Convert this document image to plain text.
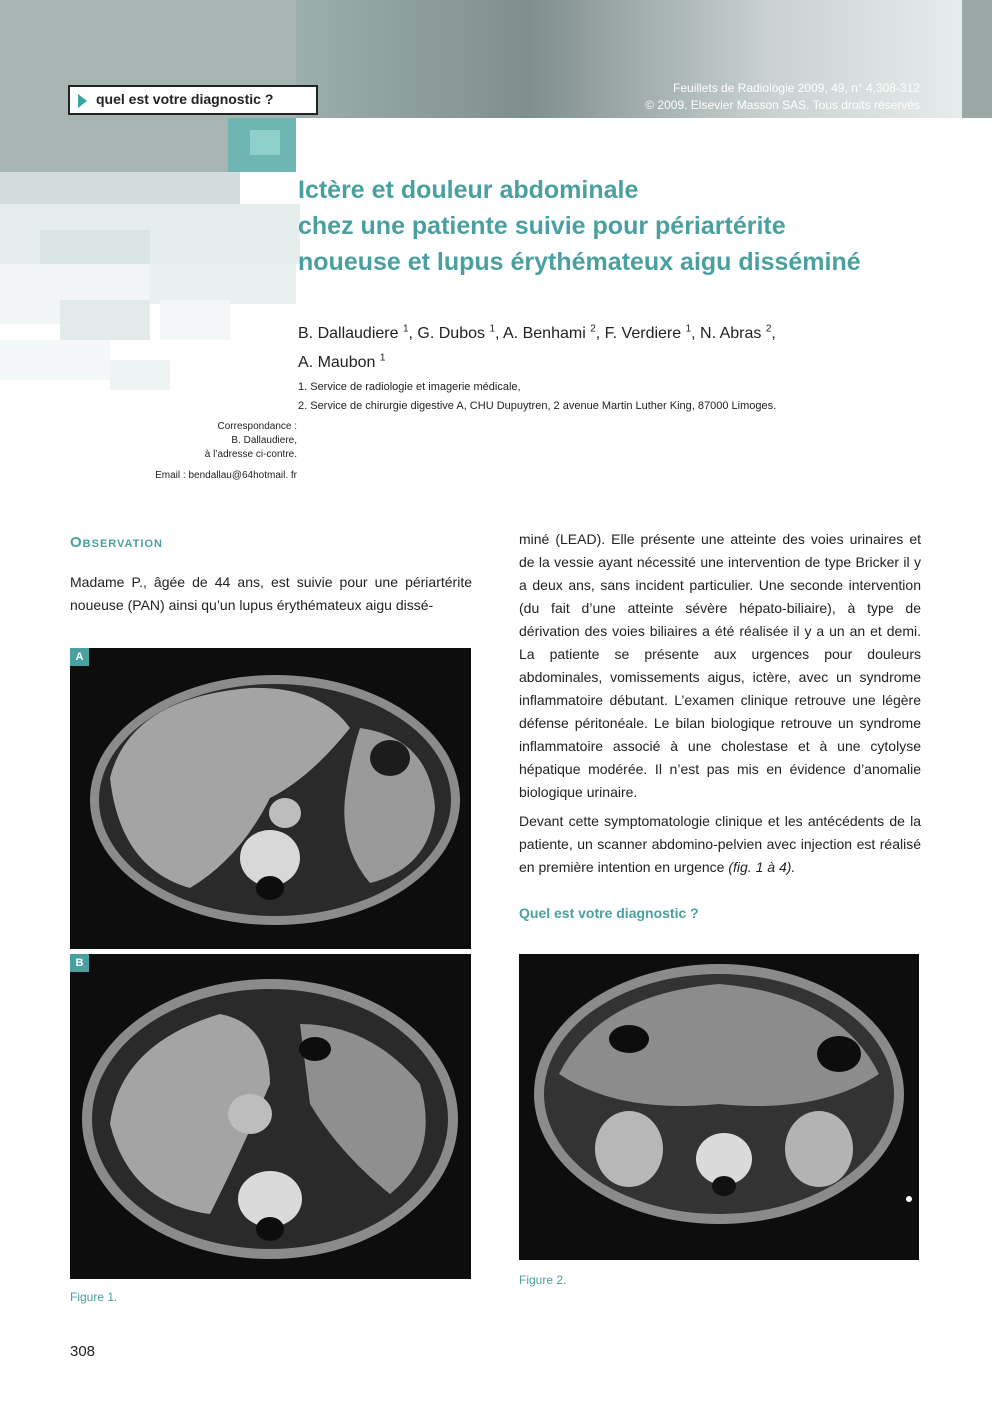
quel est votre diagnostic ?
Feuillets de Radiologie 2009, 49, n° 4,308-312
© 2009. Elsevier Masson SAS. Tous droits réservés
Ictère et douleur abdominale
chez une patiente suivie pour périartérite
noueuse et lupus érythémateux aigu disséminé
B. Dallaudiere $^1$, G. Dubos $^1$, A. Benhami $^2$, F. Verdiere $^1$, N. Abras $^2$,
A. Maubon $^1$
1. Service de radiologie et imagerie médicale,
2. Service de chirurgie digestive A, CHU Dupuytren, 2 avenue Martin Luther King, 87000 Limoges.
Correspondance :
B. Dallaudiere,
à l’adresse ci-contre.
Email : bendallau@64hotmail. fr
Observation
Madame P., âgée de 44 ans, est suivie pour une périartérite noueuse (PAN) ainsi qu’un lupus érythémateux aigu dissé-
miné (LEAD). Elle présente une atteinte des voies urinaires et de la vessie ayant nécessité une intervention de type Bricker il y a deux ans, sans incident particulier. Une seconde intervention (du fait d’une atteinte sévère hépato-biliaire), à type de dérivation des voies biliaires a été réalisée il y a un an et demi. La patiente se présente aux urgences pour douleurs abdominales, vomissements aigus, ictère, avec un syndrome inflammatoire débutant. L’examen clinique retrouve une légère défense péritonéale. Le bilan biologique retrouve un syndrome inflammatoire associé à une cholestase et à une cytolyse hépatique modérée. Il n’est pas mis en évidence d’anomalie biologique urinaire.
Devant cette symptomatologie clinique et les antécédents de la patiente, un scanner abdomino-pelvien avec injection est réalisé en première intention en urgence (fig. 1 à 4).
Quel est votre diagnostic ?
A
B
Figure 1.
Figure 2.
308
